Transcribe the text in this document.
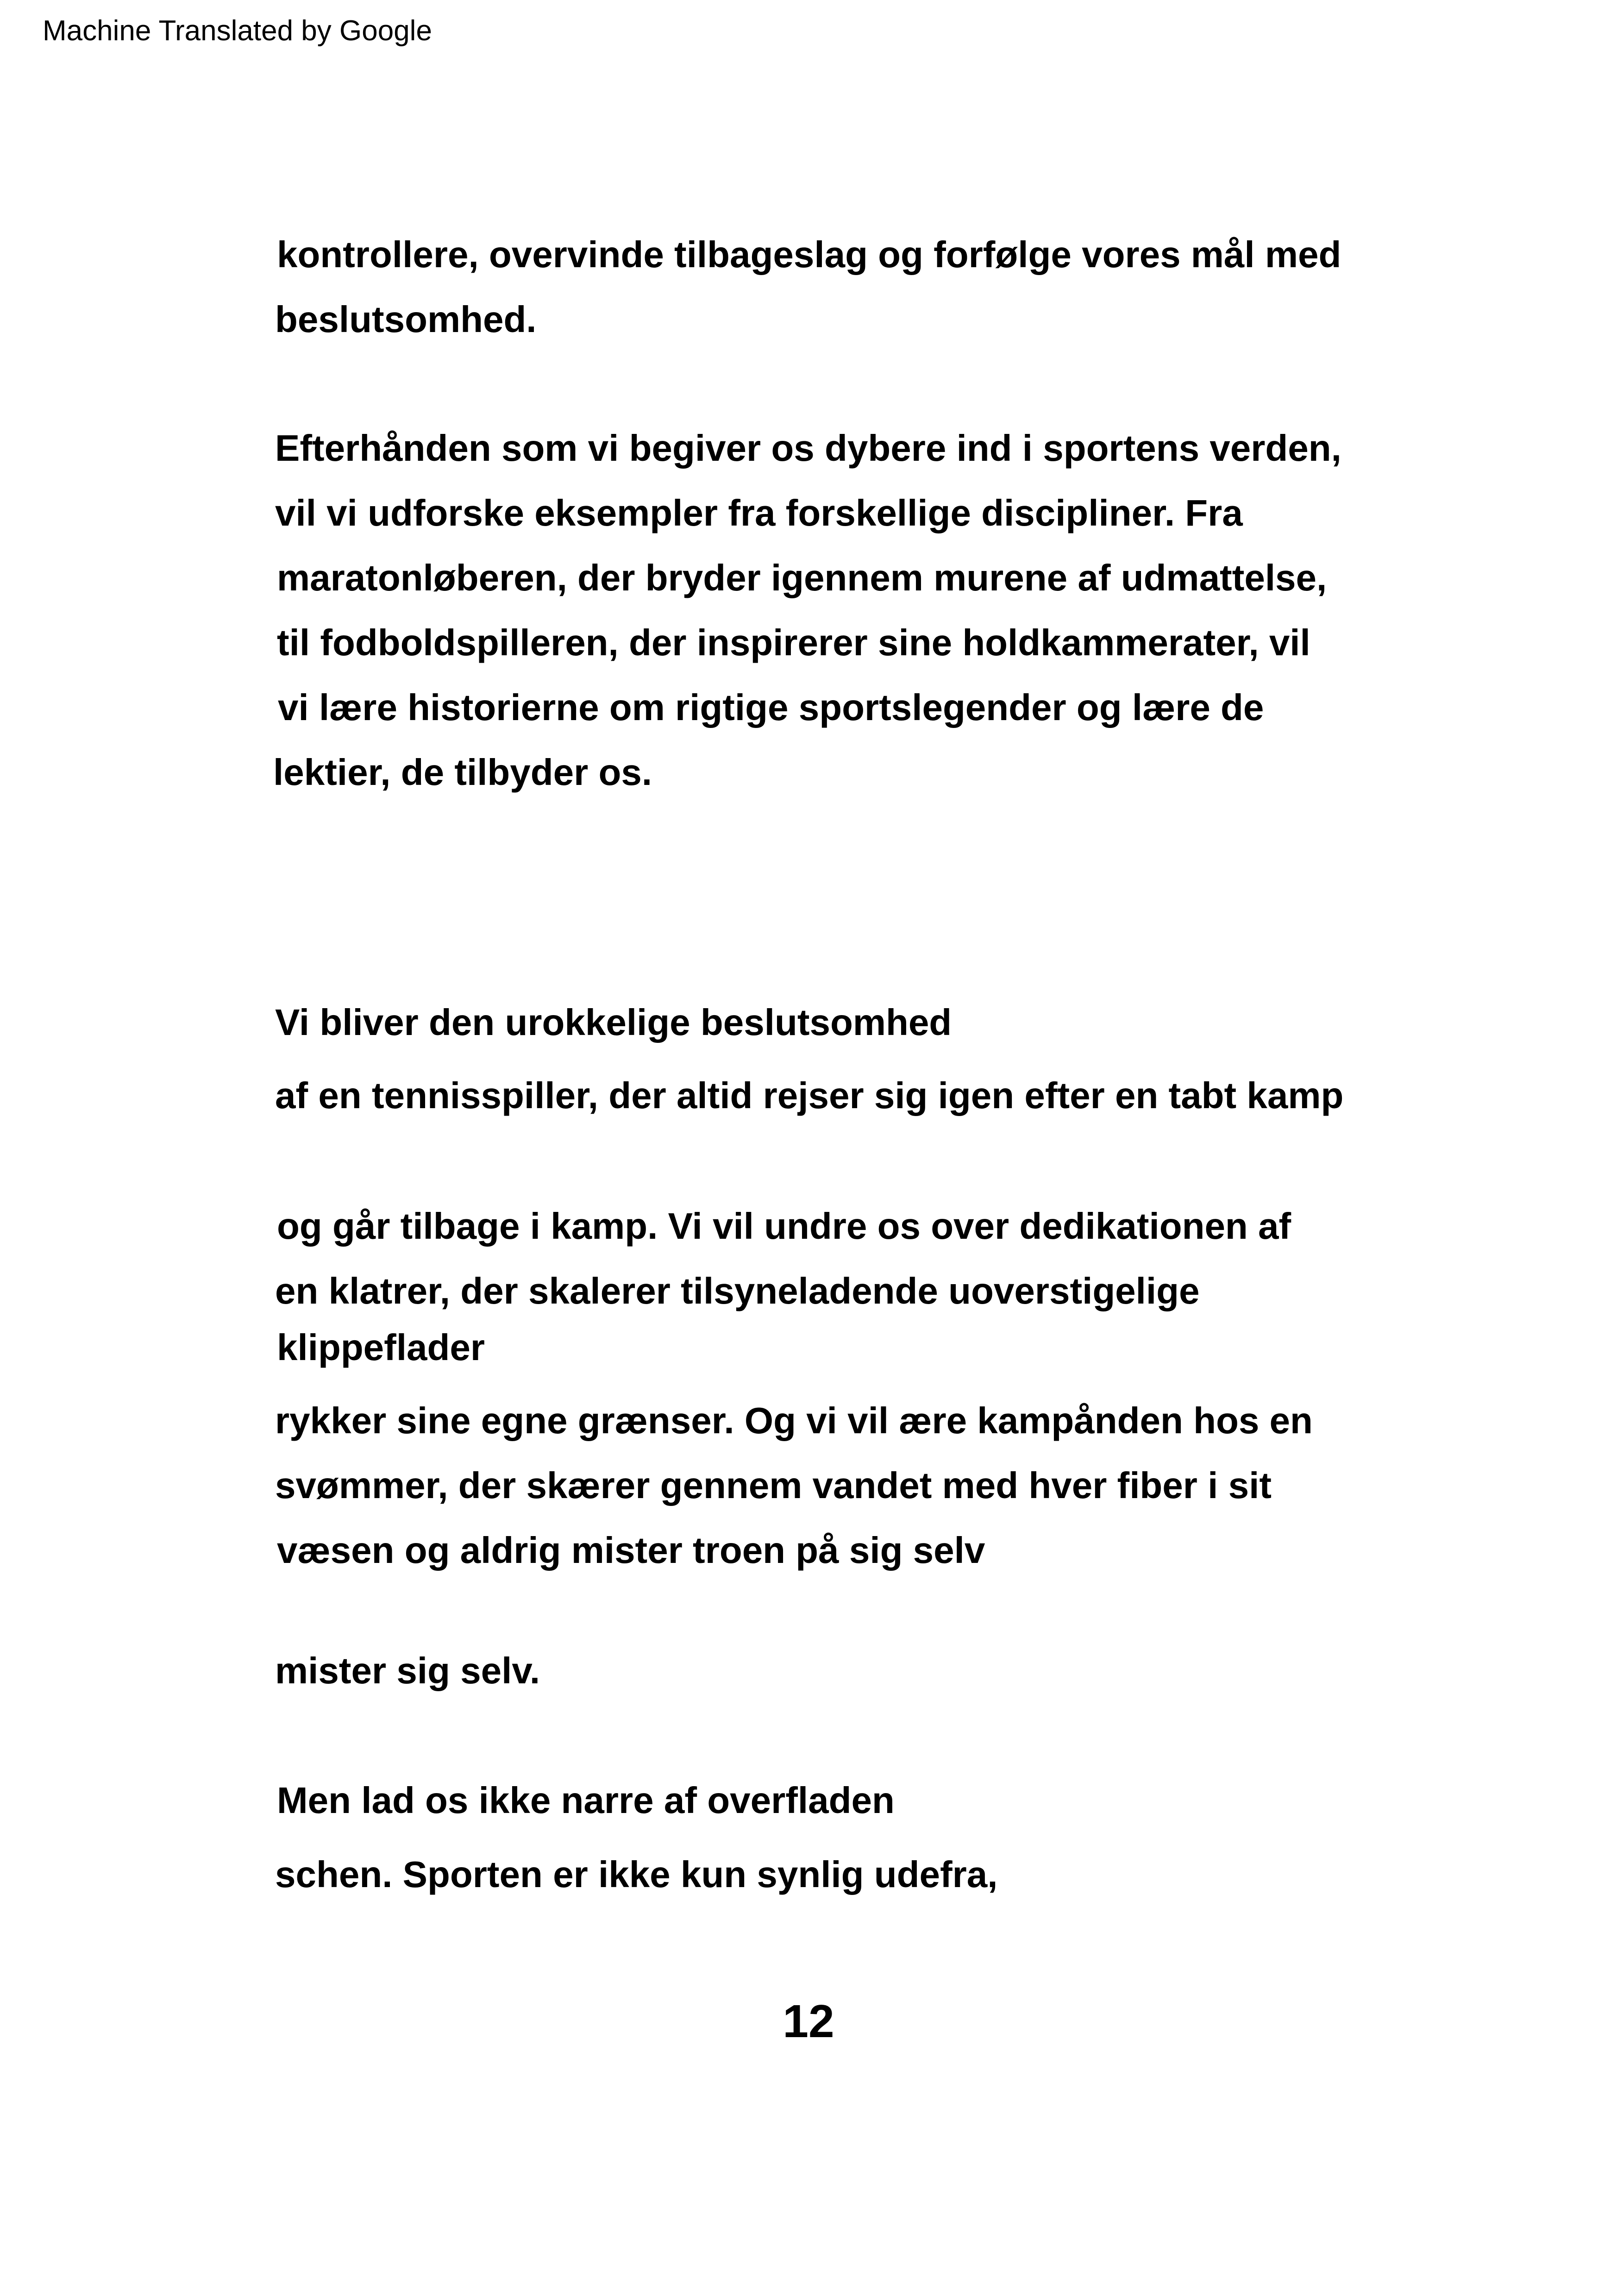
Machine Translated by Google
kontrollere, overvinde tilbageslag og forfølge vores mål med
beslutsomhed.
Efterhånden som vi begiver os dybere ind i sportens verden,
vil vi udforske eksempler fra forskellige discipliner. Fra
maratonløberen, der bryder igennem murene af udmattelse,
til fodboldspilleren, der inspirerer sine holdkammerater, vil
vi lære historierne om rigtige sportslegender og lære de
lektier, de tilbyder os.
Vi bliver den urokkelige beslutsomhed
af en tennisspiller, der altid rejser sig igen efter en tabt kamp
og går tilbage i kamp. Vi vil undre os over dedikationen af
en klatrer, der skalerer tilsyneladende uoverstigelige
klippeflader
rykker sine egne grænser. Og vi vil ære kampånden hos en
svømmer, der skærer gennem vandet med hver fiber i sit
væsen og aldrig mister troen på sig selv
mister sig selv.
Men lad os ikke narre af overfladen
schen. Sporten er ikke kun synlig udefra,
12
